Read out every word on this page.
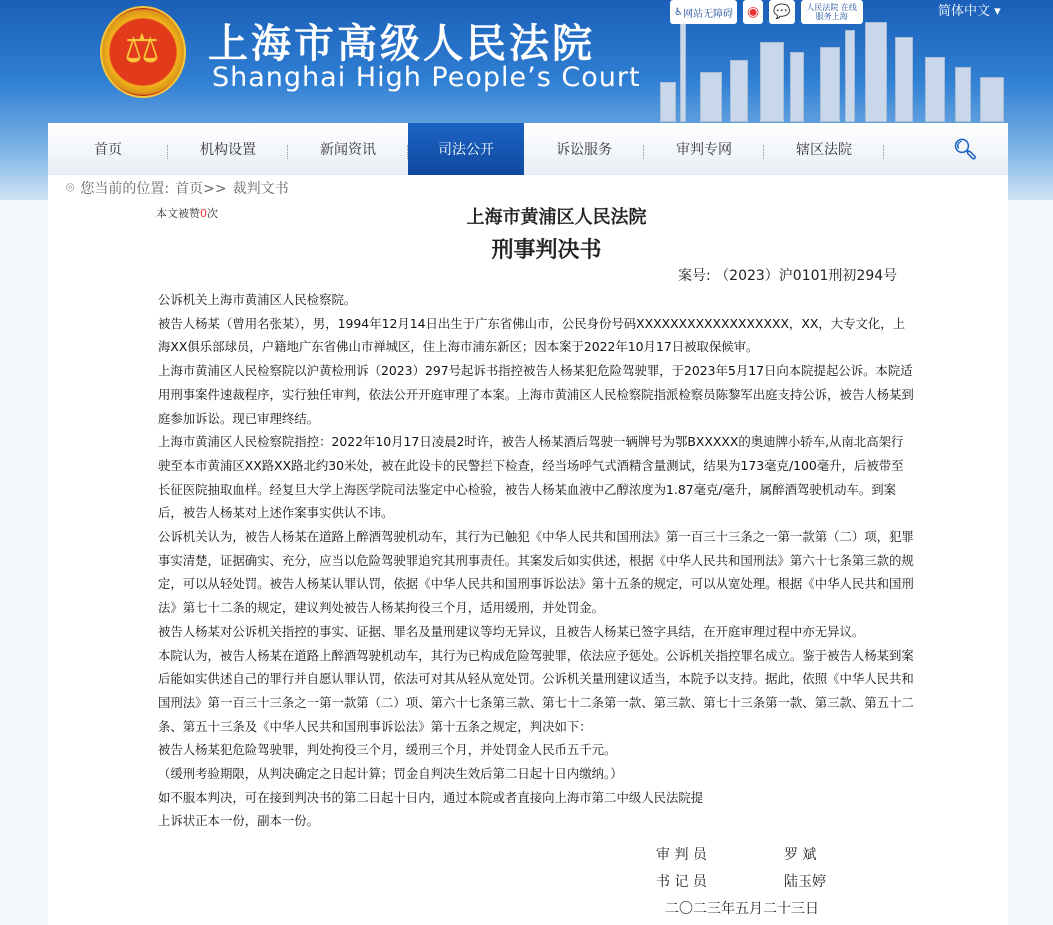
⚖
上海市高级人民法院
Shanghai High People’s Court
♿ 网站无障碍 ◉ 💬	人民法院 在线服务上海	简体中文 ▾
首页	机构设置	新闻资讯	司法公开	诉讼服务	审判专网	辖区法院	🔍︎
⌾ 您当前的位置: 首页>> 裁判文书
本文被赞0次	上海市黄浦区人民法院
刑事判决书
案号: （2023）沪0101刑初294号

公诉机关上海市黄浦区人民检察院。

被告人杨某（曾用名张某），男，1994年12月14日出生于广东省佛山市，公民身份号码XXXXXXXXXXXXXXXXXX，XX，大专文化，上海XX俱乐部球员，户籍地广东省佛山市禅城区，住上海市浦东新区；因本案于2022年10月17日被取保候审。

上海市黄浦区人民检察院以沪黄检刑诉（2023）297号起诉书指控被告人杨某犯危险驾驶罪，于2023年5月17日向本院提起公诉。本院适用刑事案件速裁程序，实行独任审判，依法公开开庭审理了本案。上海市黄浦区人民检察院指派检察员陈黎军出庭支持公诉，被告人杨某到庭参加诉讼。现已审理终结。

上海市黄浦区人民检察院指控：2022年10月17日凌晨2时许，被告人杨某酒后驾驶一辆牌号为鄂BXXXXX的奥迪牌小轿车,从南北高架行驶至本市黄浦区XX路XX路北约30米处，被在此设卡的民警拦下检查，经当场呼气式酒精含量测试，结果为173毫克/100毫升，后被带至长征医院抽取血样。经复旦大学上海医学院司法鉴定中心检验，被告人杨某血液中乙醇浓度为1.87毫克/毫升，属醉酒驾驶机动车。到案后，被告人杨某对上述作案事实供认不讳。

公诉机关认为，被告人杨某在道路上醉酒驾驶机动车，其行为已触犯《中华人民共和国刑法》第一百三十三条之一第一款第（二）项，犯罪事实清楚，证据确实、充分，应当以危险驾驶罪追究其刑事责任。其案发后如实供述，根据《中华人民共和国刑法》第六十七条第三款的规定，可以从轻处罚。被告人杨某认罪认罚，依据《中华人民共和国刑事诉讼法》第十五条的规定，可以从宽处理。根据《中华人民共和国刑法》第七十二条的规定，建议判处被告人杨某拘役三个月，适用缓刑，并处罚金。

被告人杨某对公诉机关指控的事实、证据、罪名及量刑建议等均无异议，且被告人杨某已签字具结，在开庭审理过程中亦无异议。

本院认为，被告人杨某在道路上醉酒驾驶机动车，其行为已构成危险驾驶罪，依法应予惩处。公诉机关指控罪名成立。鉴于被告人杨某到案后能如实供述自己的罪行并自愿认罪认罚，依法可对其从轻从宽处罚。公诉机关量刑建议适当，本院予以支持。据此，依照《中华人民共和国刑法》第一百三十三条之一第一款第（二）项、第六十七条第三款、第七十二条第一款、第三款、第七十三条第一款、第三款、第五十二条、第五十三条及《中华人民共和国刑事诉讼法》第十五条之规定，判决如下：

被告人杨某犯危险驾驶罪，判处拘役三个月，缓刑三个月，并处罚金人民币五千元。

（缓刑考验期限，从判决确定之日起计算；罚金自判决生效后第二日起十日内缴纳。）

如不服本判决，可在接到判决书的第二日起十日内，通过本院或者直接向上海市第二中级人民法院提

上诉状正本一份，副本一份。

审 判 员	罗 斌
书 记 员	陆玉婷
二〇二三年五月二十三日
